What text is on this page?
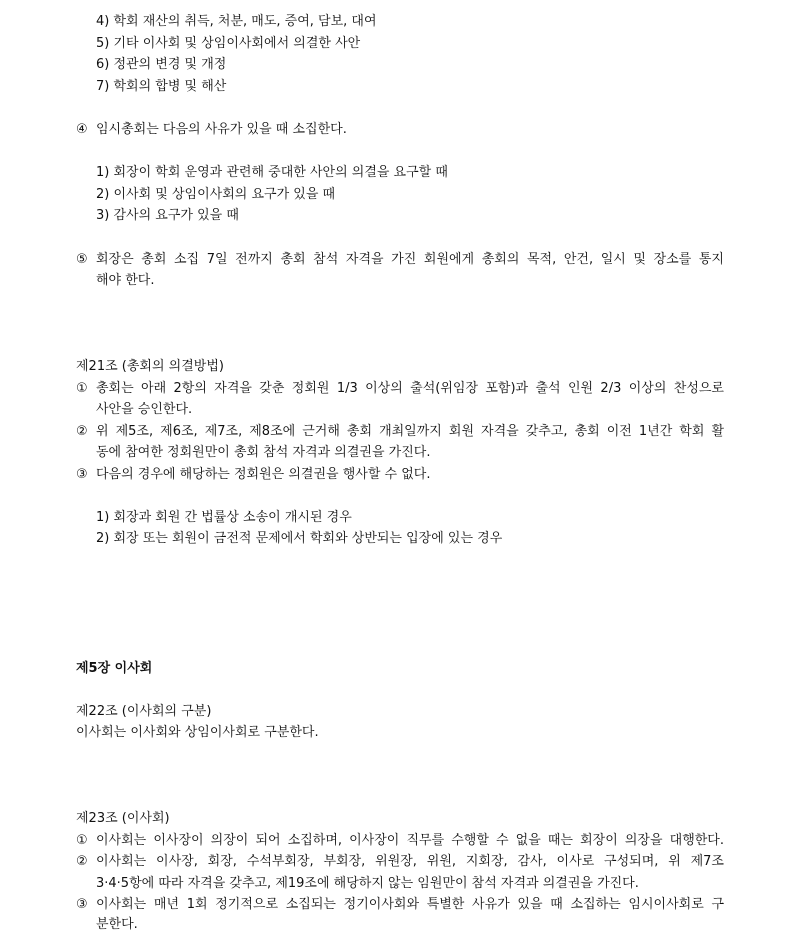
4) 학회 재산의 취득, 처분, 매도, 증여, 담보, 대여
5) 기타 이사회 및 상임이사회에서 의결한 사안
6) 정관의 변경 및 개정
7) 학회의 합병 및 해산
④ 임시총회는 다음의 사유가 있을 때 소집한다.
1) 회장이 학회 운영과 관련해 중대한 사안의 의결을 요구할 때
2) 이사회 및 상임이사회의 요구가 있을 때
3) 감사의 요구가 있을 때
⑤ 회장은 총회 소집 7일 전까지 총회 참석 자격을 가진 회원에게 총회의 목적, 안건, 일시 및 장소를 통지
해야 한다.
제21조 (총회의 의결방법)
① 총회는 아래 2항의 자격을 갖춘 정회원 1/3 이상의 출석(위임장 포함)과 출석 인원 2/3 이상의 찬성으로
사안을 승인한다.
② 위 제5조, 제6조, 제7조, 제8조에 근거해 총회 개최일까지 회원 자격을 갖추고, 총회 이전 1년간 학회 활
동에 참여한 정회원만이 총회 참석 자격과 의결권을 가진다.
③ 다음의 경우에 해당하는 정회원은 의결권을 행사할 수 없다.
1) 회장과 회원 간 법률상 소송이 개시된 경우
2) 회장 또는 회원이 금전적 문제에서 학회와 상반되는 입장에 있는 경우
제5장 이사회
제22조 (이사회의 구분)
이사회는 이사회와 상임이사회로 구분한다.
제23조 (이사회)
① 이사회는 이사장이 의장이 되어 소집하며, 이사장이 직무를 수행할 수 없을 때는 회장이 의장을 대행한다.
② 이사회는 이사장, 회장, 수석부회장, 부회장, 위원장, 위원, 지회장, 감사, 이사로 구성되며, 위 제7조
3·4·5항에 따라 자격을 갖추고, 제19조에 해당하지 않는 임원만이 참석 자격과 의결권을 가진다.
③ 이사회는 매년 1회 정기적으로 소집되는 정기이사회와 특별한 사유가 있을 때 소집하는 임시이사회로 구
분한다.
